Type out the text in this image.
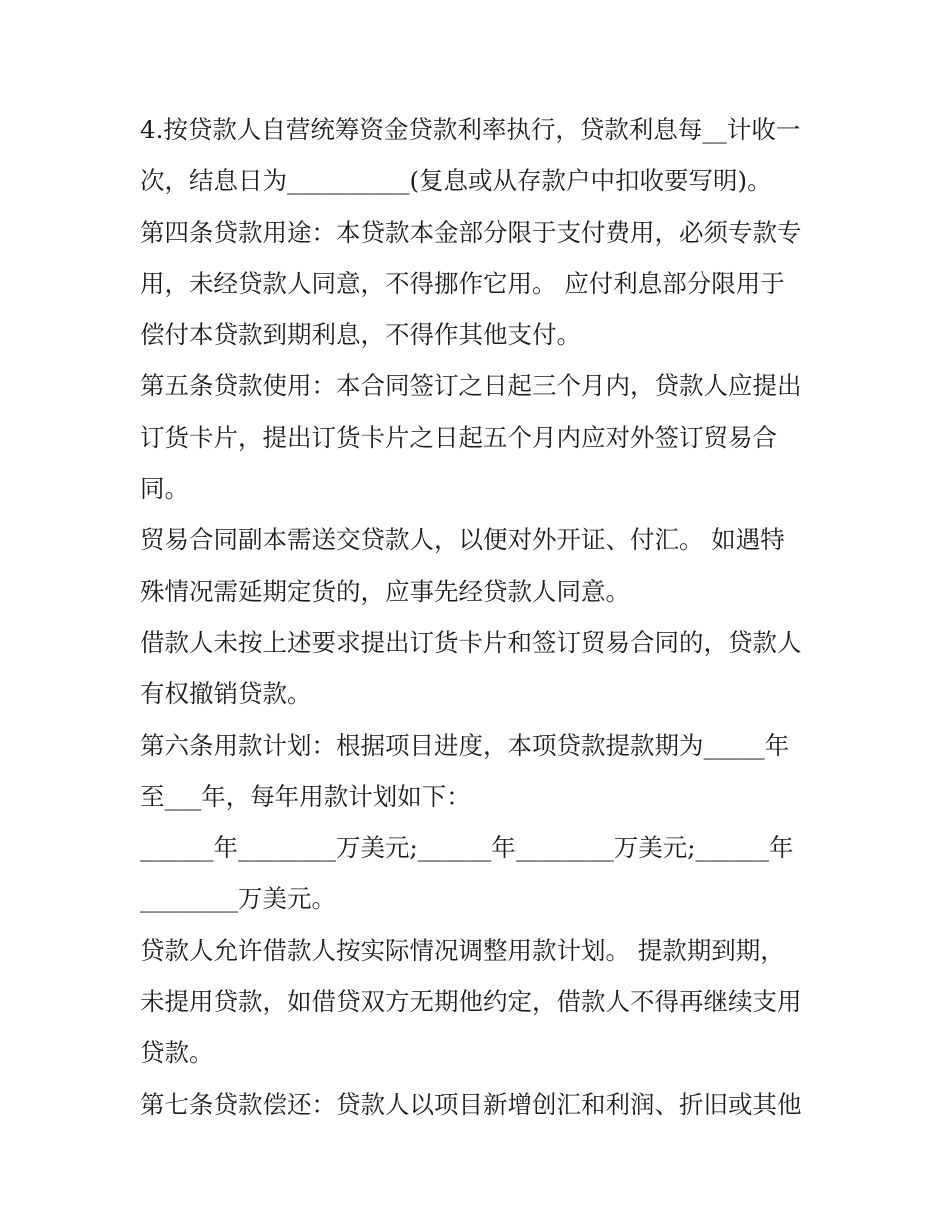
4.按贷款人自营统筹资金贷款利率执行，贷款利息每__计收一
次，结息日为__________(复息或从存款户中扣收要写明)。
第四条贷款用途：本贷款本金部分限于支付费用，必须专款专
用，未经贷款人同意，不得挪作它用。 应付利息部分限用于
偿付本贷款到期利息，不得作其他支付。
第五条贷款使用：本合同签订之日起三个月内，贷款人应提出
订货卡片，提出订货卡片之日起五个月内应对外签订贸易合
同。
贸易合同副本需送交贷款人，以便对外开证、付汇。 如遇特
殊情况需延期定货的，应事先经贷款人同意。
借款人未按上述要求提出订货卡片和签订贸易合同的，贷款人
有权撤销贷款。
第六条用款计划：根据项目进度，本项贷款提款期为_____年
至___年，每年用款计划如下：
______年________万美元;______年________万美元;______年
________万美元。
贷款人允许借款人按实际情况调整用款计划。 提款期到期，
未提用贷款，如借贷双方无期他约定，借款人不得再继续支用
贷款。
第七条贷款偿还：贷款人以项目新增创汇和利润、折旧或其他
